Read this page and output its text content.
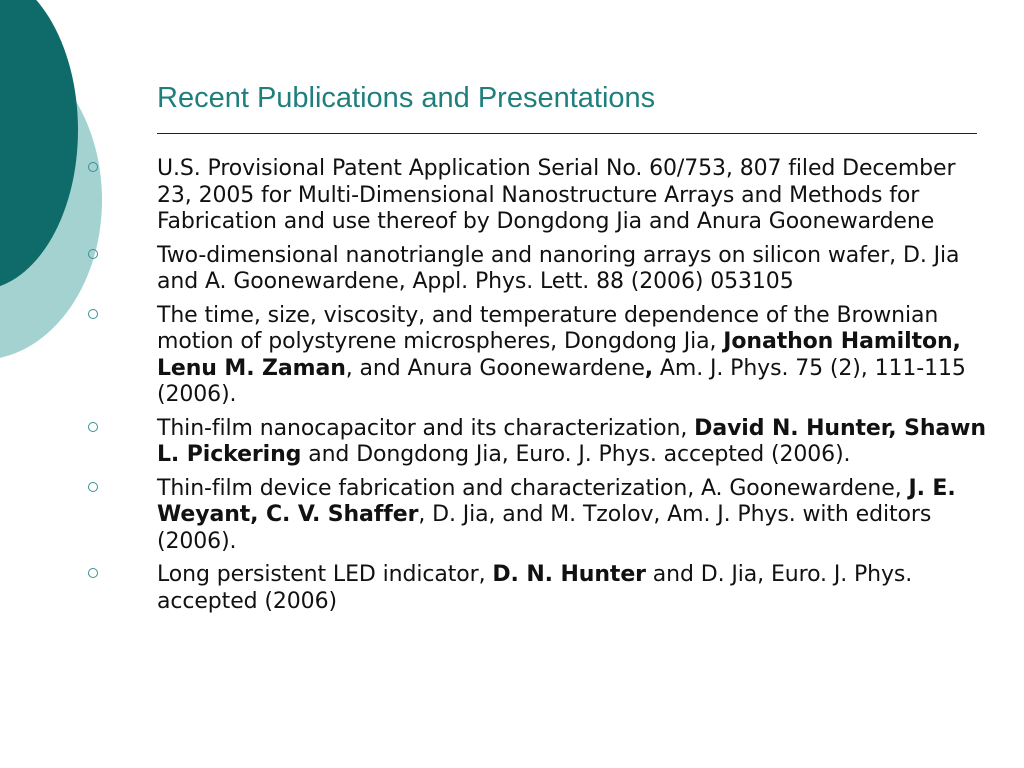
Recent Publications and Presentations
U.S. Provisional Patent Application Serial No. 60/753, 807 filed December 23, 2005 for Multi-Dimensional Nanostructure Arrays and Methods for Fabrication and use thereof by Dongdong Jia and Anura Goonewardene
Two-dimensional nanotriangle and nanoring arrays on silicon wafer, D. Jia and A. Goonewardene, Appl. Phys. Lett. 88 (2006) 053105
The time, size, viscosity, and temperature dependence of the Brownian motion of polystyrene microspheres, Dongdong Jia, Jonathon Hamilton, Lenu M. Zaman, and Anura Goonewardene, Am. J. Phys. 75 (2), 111-115 (2006).
Thin-film nanocapacitor and its characterization, David N. Hunter, Shawn L. Pickering and Dongdong Jia, Euro. J. Phys. accepted (2006).
Thin-film device fabrication and characterization, A. Goonewardene, J. E. Weyant, C. V. Shaffer, D. Jia, and M. Tzolov, Am. J. Phys. with editors (2006).
Long persistent LED indicator, D. N. Hunter and D. Jia, Euro. J. Phys. accepted (2006)
